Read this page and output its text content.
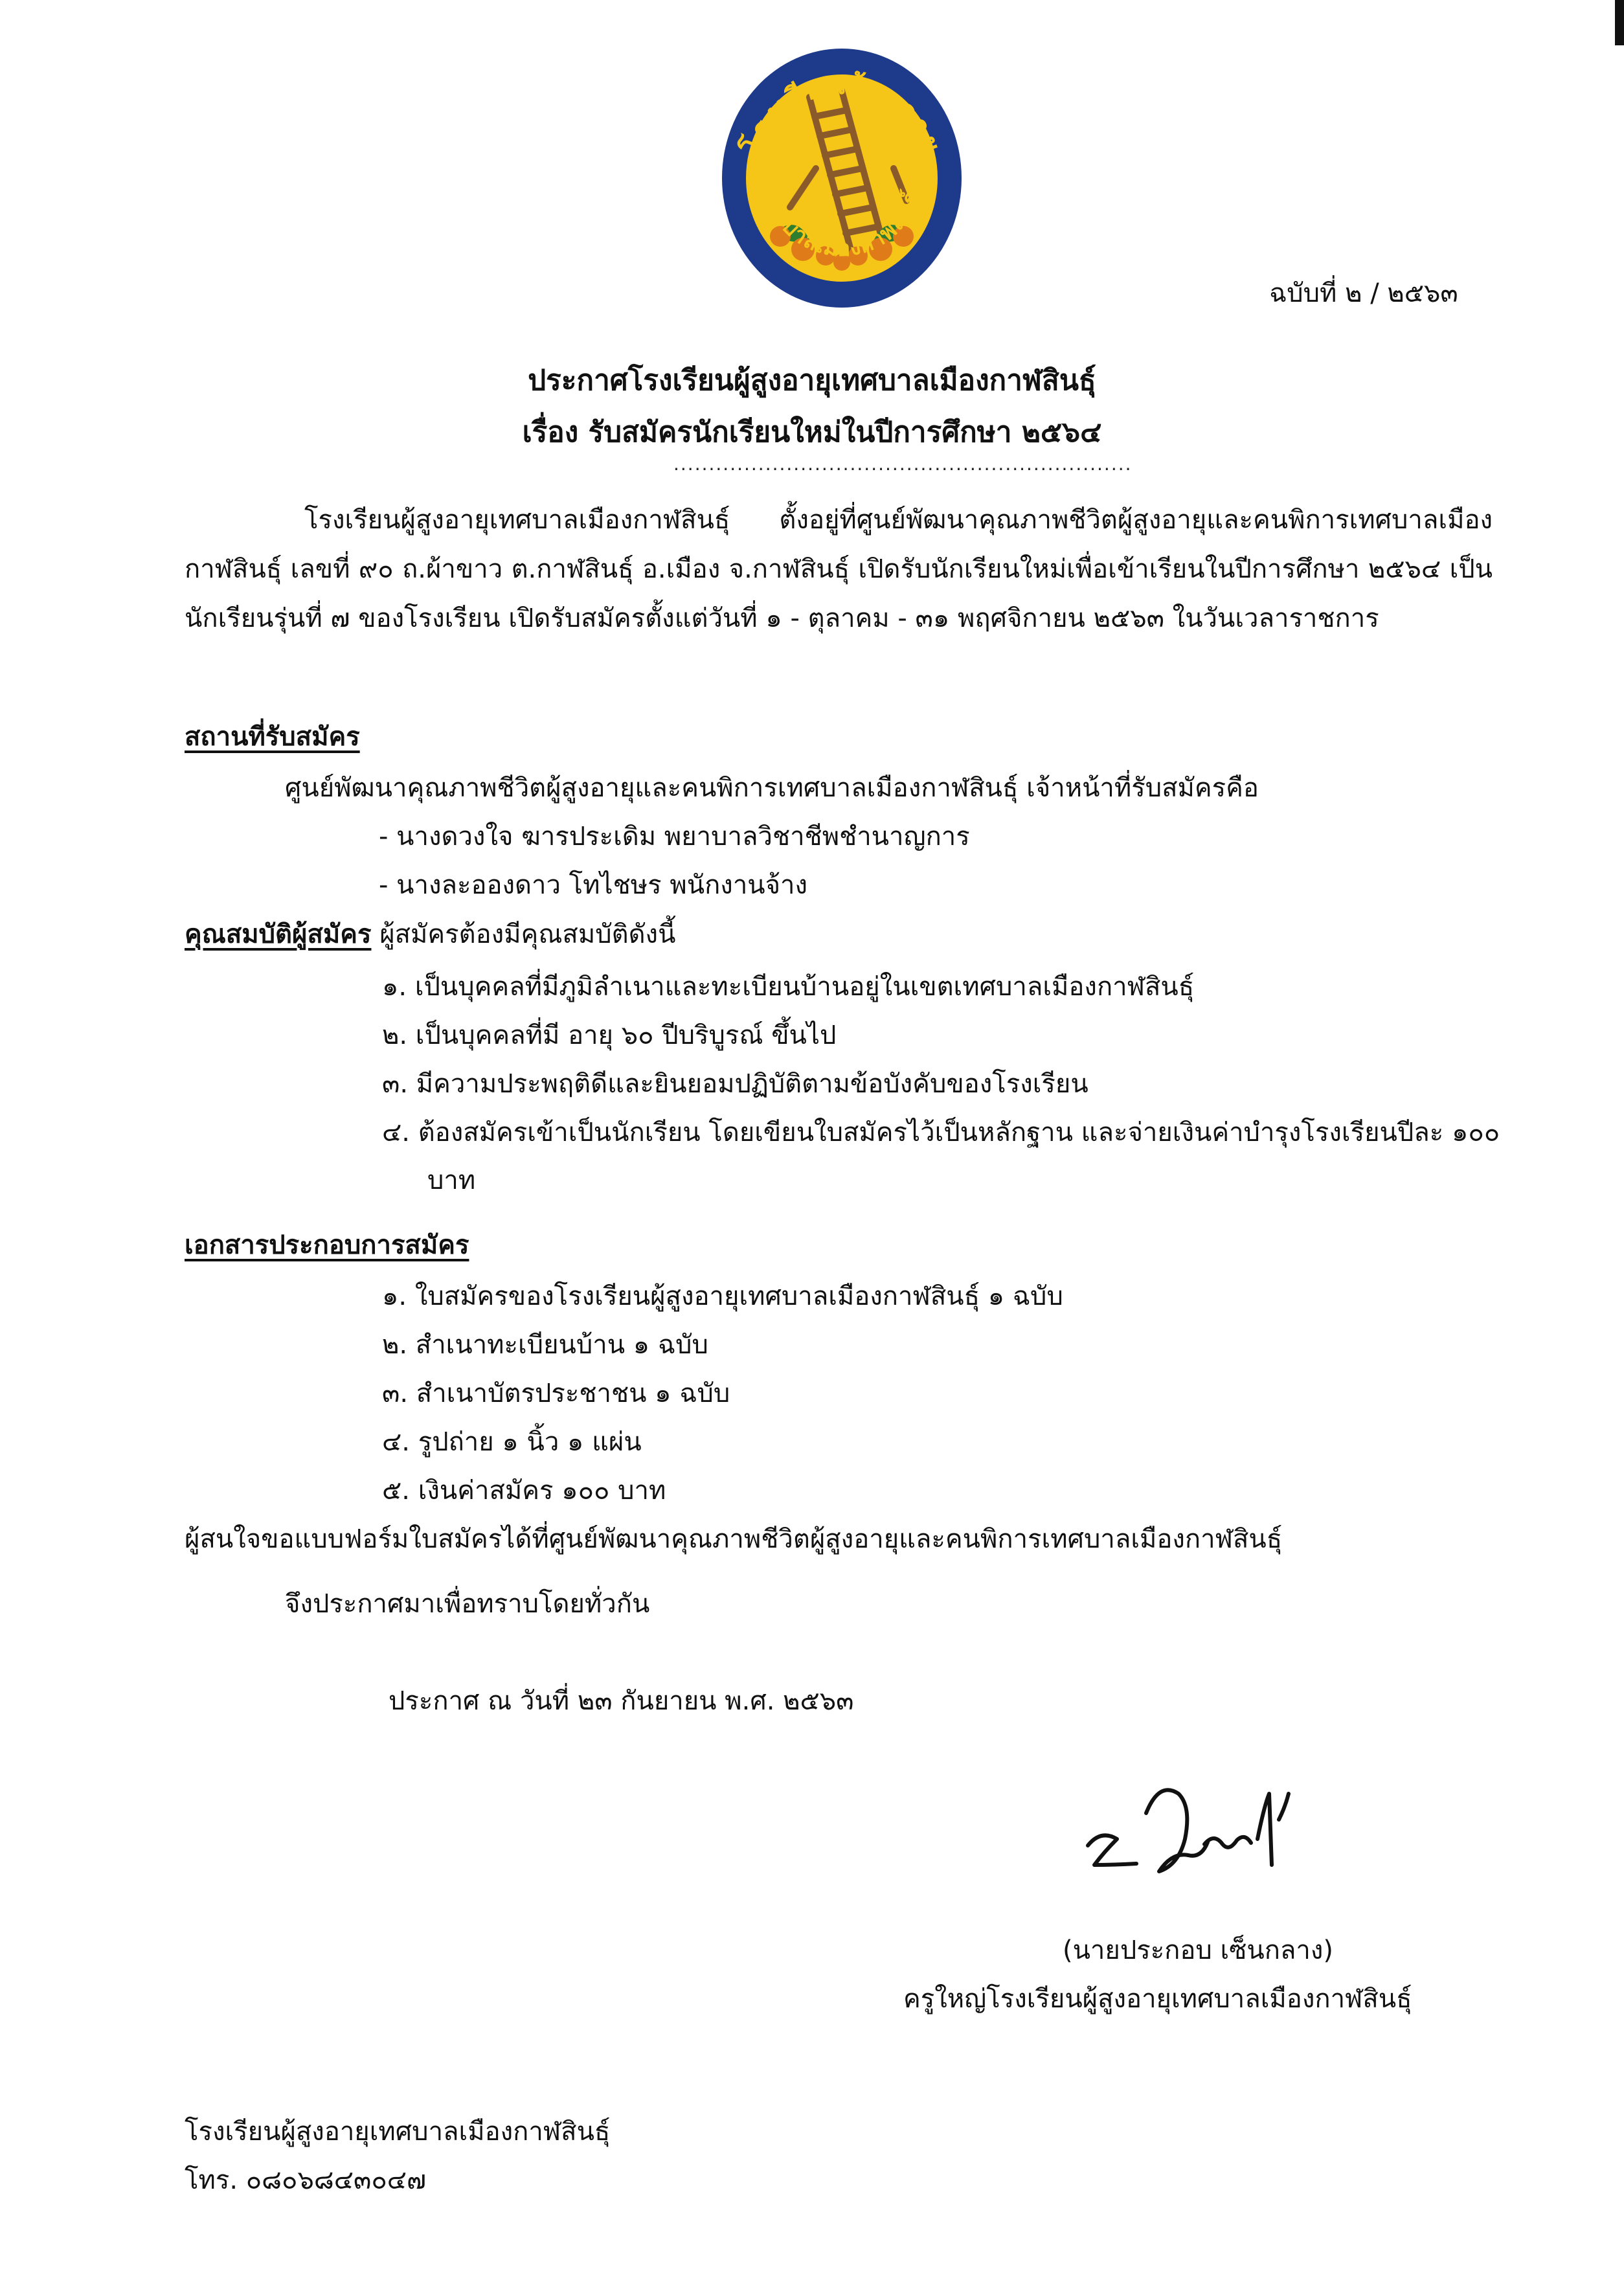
โรงเรียนผู้สูงอายุ
เทศบาลเมืองกาฬสินธุ์
ฉบับที่ ๒ / ๒๕๖๓
ประกาศโรงเรียนผู้สูงอายุเทศบาลเมืองกาฬสินธุ์
เรื่อง รับสมัครนักเรียนใหม่ในปีการศึกษา ๒๕๖๔
.................................................................
โรงเรียนผู้สูงอายุเทศบาลเมืองกาฬสินธุ์ ตั้งอยู่ที่ศูนย์พัฒนาคุณภาพชีวิตผู้สูงอายุและคนพิการเทศบาลเมืองกาฬสินธุ์ เลขที่ ๙๐ ถ.ผ้าขาว ต.กาฬสินธุ์ อ.เมือง จ.กาฬสินธุ์ เปิดรับนักเรียนใหม่เพื่อเข้าเรียนในปีการศึกษา ๒๕๖๔ เป็นนักเรียนรุ่นที่ ๗ ของโรงเรียน เปิดรับสมัครตั้งแต่วันที่ ๑ - ตุลาคม - ๓๑ พฤศจิกายน ๒๕๖๓ ในวันเวลาราชการ
สถานที่รับสมัคร
ศูนย์พัฒนาคุณภาพชีวิตผู้สูงอายุและคนพิการเทศบาลเมืองกาฬสินธุ์ เจ้าหน้าที่รับสมัครคือ
- นางดวงใจ ฆารประเดิม พยาบาลวิชาชีพชำนาญการ
- นางละอองดาว โทไชษร พนักงานจ้าง
คุณสมบัติผู้สมัคร ผู้สมัครต้องมีคุณสมบัติดังนี้
๑. เป็นบุคคลที่มีภูมิลำเนาและทะเบียนบ้านอยู่ในเขตเทศบาลเมืองกาฬสินธุ์
๒. เป็นบุคคลที่มี อายุ ๖๐ ปีบริบูรณ์ ขึ้นไป
๓. มีความประพฤติดีและยินยอมปฏิบัติตามข้อบังคับของโรงเรียน
๔. ต้องสมัครเข้าเป็นนักเรียน โดยเขียนใบสมัครไว้เป็นหลักฐาน และจ่ายเงินค่าบำรุงโรงเรียนปีละ ๑๐๐ บาท
เอกสารประกอบการสมัคร
๑. ใบสมัครของโรงเรียนผู้สูงอายุเทศบาลเมืองกาฬสินธุ์ ๑ ฉบับ
๒. สำเนาทะเบียนบ้าน ๑ ฉบับ
๓. สำเนาบัตรประชาชน ๑ ฉบับ
๔. รูปถ่าย ๑ นิ้ว ๑ แผ่น
๕. เงินค่าสมัคร ๑๐๐ บาท
ผู้สนใจขอแบบฟอร์มใบสมัครได้ที่ศูนย์พัฒนาคุณภาพชีวิตผู้สูงอายุและคนพิการเทศบาลเมืองกาฬสินธุ์
จึงประกาศมาเพื่อทราบโดยทั่วกัน
ประกาศ ณ วันที่ ๒๓ กันยายน พ.ศ. ๒๕๖๓
(นายประกอบ เซ็นกลาง)
ครูใหญ่โรงเรียนผู้สูงอายุเทศบาลเมืองกาฬสินธุ์
โรงเรียนผู้สูงอายุเทศบาลเมืองกาฬสินธุ์
โทร. ๐๘๐๖๘๔๓๐๔๗
